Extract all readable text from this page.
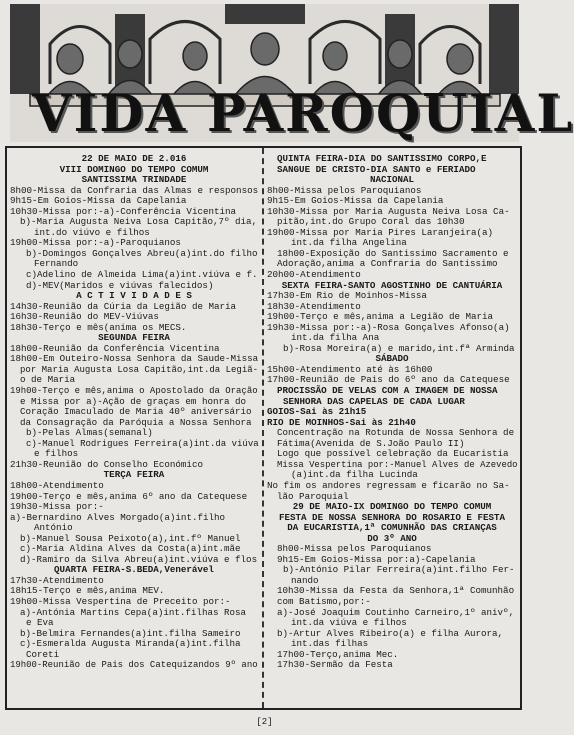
VIDA PAROQUIAL
22 DE MAIO DE 2.016
VIII DOMINGO DO TEMPO COMUM
SANTISSIMA TRINDADE
8h00-Missa da Confraria das Almas e responsos
9h15-Em Goios-Missa da Capelania
10h30-Missa por:-a)-Conferência Vicentina
b)-Maria Augusta Neiva Losa Capitão,7º dia,
int.do viúvo e filhos
19h00-Missa por:-a)-Paroquianos
b)-Domingos Gonçalves Abreu(a)int.do filho
Fernando
c)Adelino de Almeida Lima(a)int.viúva e f.
d)-MEV(Maridos e viúvas falecidos)
A C T I V I D A D E S
14h30-Reunião da Cúria da Legião de Maria
16h30-Reunião do MEV-Viúvas
18h30-Terço e mês(anima os MECS.
SEGUNDA FEIRA
18h00-Reunião da Conferência Vicentina
18h00-Em Outeiro-Nossa Senhora da Saude-Missa
por Maria Augusta Losa Capitão,int.da Legiã-
o de Maria
19h00-Terço e mês,anima o Apostolado da Oração
e Missa por a)-Ação de graças em honra do
Coração Imaculado de Maria 40º aniversário
da Consagração da Paróquia a Nossa Senhora
b)-Pelas Almas(semanal)
c)-Manuel Rodrigues Ferreira(a)int.da viúva
e filhos
21h30-Reunião do Conselho Económico
TERÇA FEIRA
18h00-Atendimento
19h00-Terço e mês,anima 6º ano da Catequese
19h30-Missa por:-
a)-Bernardino Alves Morgado(a)int.filho
António
b)-Manuel Sousa Peixoto(a),int.fº Manuel
c)-Maria Aldina Alves da Costa(a)int.mãe
d)-Ramiro da Silva Abreu(a)int.viúva e flos
QUARTA FEIRA-S.BEDA,Venerável
17h30-Atendimento
18h15-Terço e mês,anima MEV.
19h00-Missa Vespertina de Preceito por:-
a)-Antónia Martins Cepa(a)int.filhas Rosa
e Eva
b)-Belmira Fernandes(a)int.filha Sameiro
c)-Esmeralda Augusta Miranda(a)int.filha
Coreti
19h00-Reunião de Pais dos Catequizandos 9º ano
QUINTA FEIRA-DIA DO SANTISSIMO CORPO,E
SANGUE DE CRISTO-DIA SANTO e FERIADO
NACIONAL
8h00-Missa pelos Paroquianos
9h15-Em Goios-Missa da Capelania
10h30-Missa por Maria Augusta Neiva Losa Ca-
pitão,int.do Grupo Coral das 10h30
19h00-Missa por Maria Pires Laranjeira(a)
int.da filha Angelina
18h00-Exposição do Santissimo Sacramento e
Adoração,anima a Confraria do Santissimo
20h00-Atendimento
SEXTA FEIRA-SANTO AGOSTINHO DE CANTUÁRIA
17h30-Em Rio de Moinhos-Missa
18h30-Atendimento
19h00-Terço e mês,anima a Legião de Maria
19h30-Missa por:-a)-Rosa Gonçalves Afonso(a)
int.da filha Ana
b)-Rosa Moreira(a) e marido,int.fª Arminda
SÁBADO
15h00-Atendimento até às 16h00
17h00-Reunião de Pais do 6º ano da Catequese
PROCISSÃO DE VELAS COM A IMAGEM DE NOSSA
SENHORA DAS CAPELAS DE CADA LUGAR
GOIOS-Sai às 21h15
RIO DE MOINHOS-Sai às 21h40
Concentração na Rotunda de Nossa Senhora de
Fátima(Avenida de S.João Paulo II)
Logo que possível celebração da Eucaristia
Missa Vespertina por:-Manuel Alves de Azevedo
(a)int.da filha Lucinda
No fim os andores regressam e ficarão no Sa-
lão Paroquial
29 DE MAIO-IX DOMINGO DO TEMPO COMUM
FESTA DE NOSSA SENHORA DO ROSARIO E FESTA
DA EUCARISTIA,1ª COMUNHÃO DAS CRIANÇAS
DO 3º ANO
8h00-Missa pelos Paroquianos
9h15-Em Goios-Missa por:a)-Capelania
b)-António Pilar Ferreira(a)int.filho Fer-
nando
10h30-Missa da Festa da Senhora,1ª Comunhão
com Batismo,por:-
a)-José Joaquim Coutinho Carneiro,1º anivº,
int.da viúva e filhos
b)-Artur Alves Ribeiro(a) e filha Aurora,
int.das filhas
17h00-Terço,anima Mec.
17h30-Sermão da Festa
[2]
